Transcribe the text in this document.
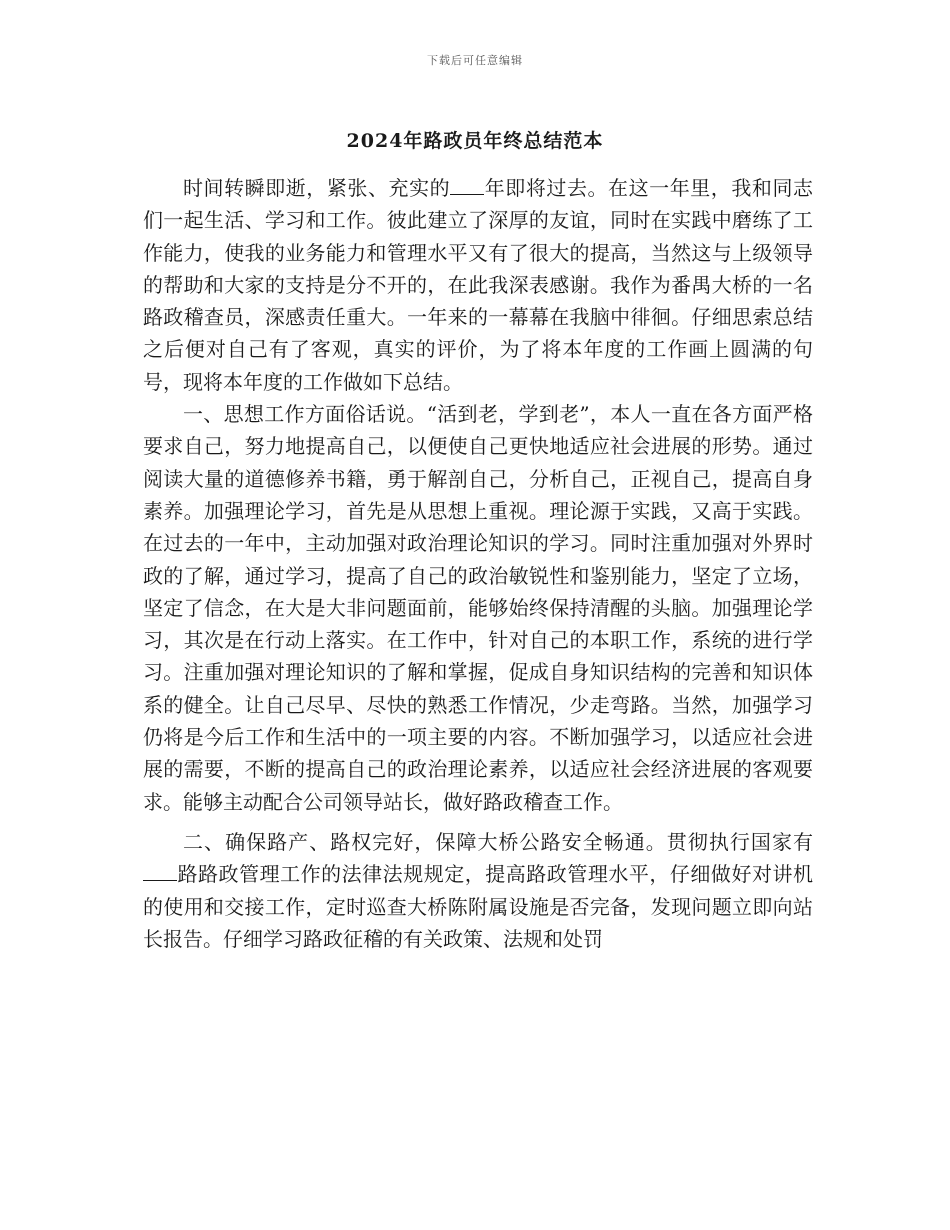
下载后可任意编辑
2024年路政员年终总结范本

时间转瞬即逝，紧张、充实的 年即将过去。在这一年里，我和同志们一起生活、学习和工作。彼此建立了深厚的友谊，同时在实践中磨练了工作能力，使我的业务能力和管理水平又有了很大的提高，当然这与上级领导的帮助和大家的支持是分不开的，在此我深表感谢。我作为番禺大桥的一名路政稽查员，深感责任重大。一年来的一幕幕在我脑中徘徊。仔细思索总结之后便对自己有了客观，真实的评价，为了将本年度的工作画上圆满的句号，现将本年度的工作做如下总结。

一、思想工作方面俗话说。“活到老，学到老”，本人一直在各方面严格要求自己，努力地提高自己，以便使自己更快地适应社会进展的形势。通过阅读大量的道德修养书籍，勇于解剖自己，分析自己，正视自己，提高自身素养。加强理论学习，首先是从思想上重视。理论源于实践，又高于实践。在过去的一年中，主动加强对政治理论知识的学习。同时注重加强对外界时政的了解，通过学习，提高了自己的政治敏锐性和鉴别能力，坚定了立场，坚定了信念，在大是大非问题面前，能够始终保持清醒的头脑。加强理论学习，其次是在行动上落实。在工作中，针对自己的本职工作，系统的进行学习。注重加强对理论知识的了解和掌握，促成自身知识结构的完善和知识体系的健全。让自己尽早、尽快的熟悉工作情况，少走弯路。当然，加强学习仍将是今后工作和生活中的一项主要的内容。不断加强学习，以适应社会进展的需要，不断的提高自己的政治理论素养，以适应社会经济进展的客观要求。能够主动配合公司领导站长，做好路政稽查工作。

二、确保路产、路权完好，保障大桥公路安全畅通。贯彻执行国家有路路政管理工作的法律法规规定，提高路政管理水平，仔细做好对讲机的使用和交接工作，定时巡查大桥陈附属设施是否完备，发现问题立即向站长报告。仔细学习路政征稽的有关政策、法规和处罚
